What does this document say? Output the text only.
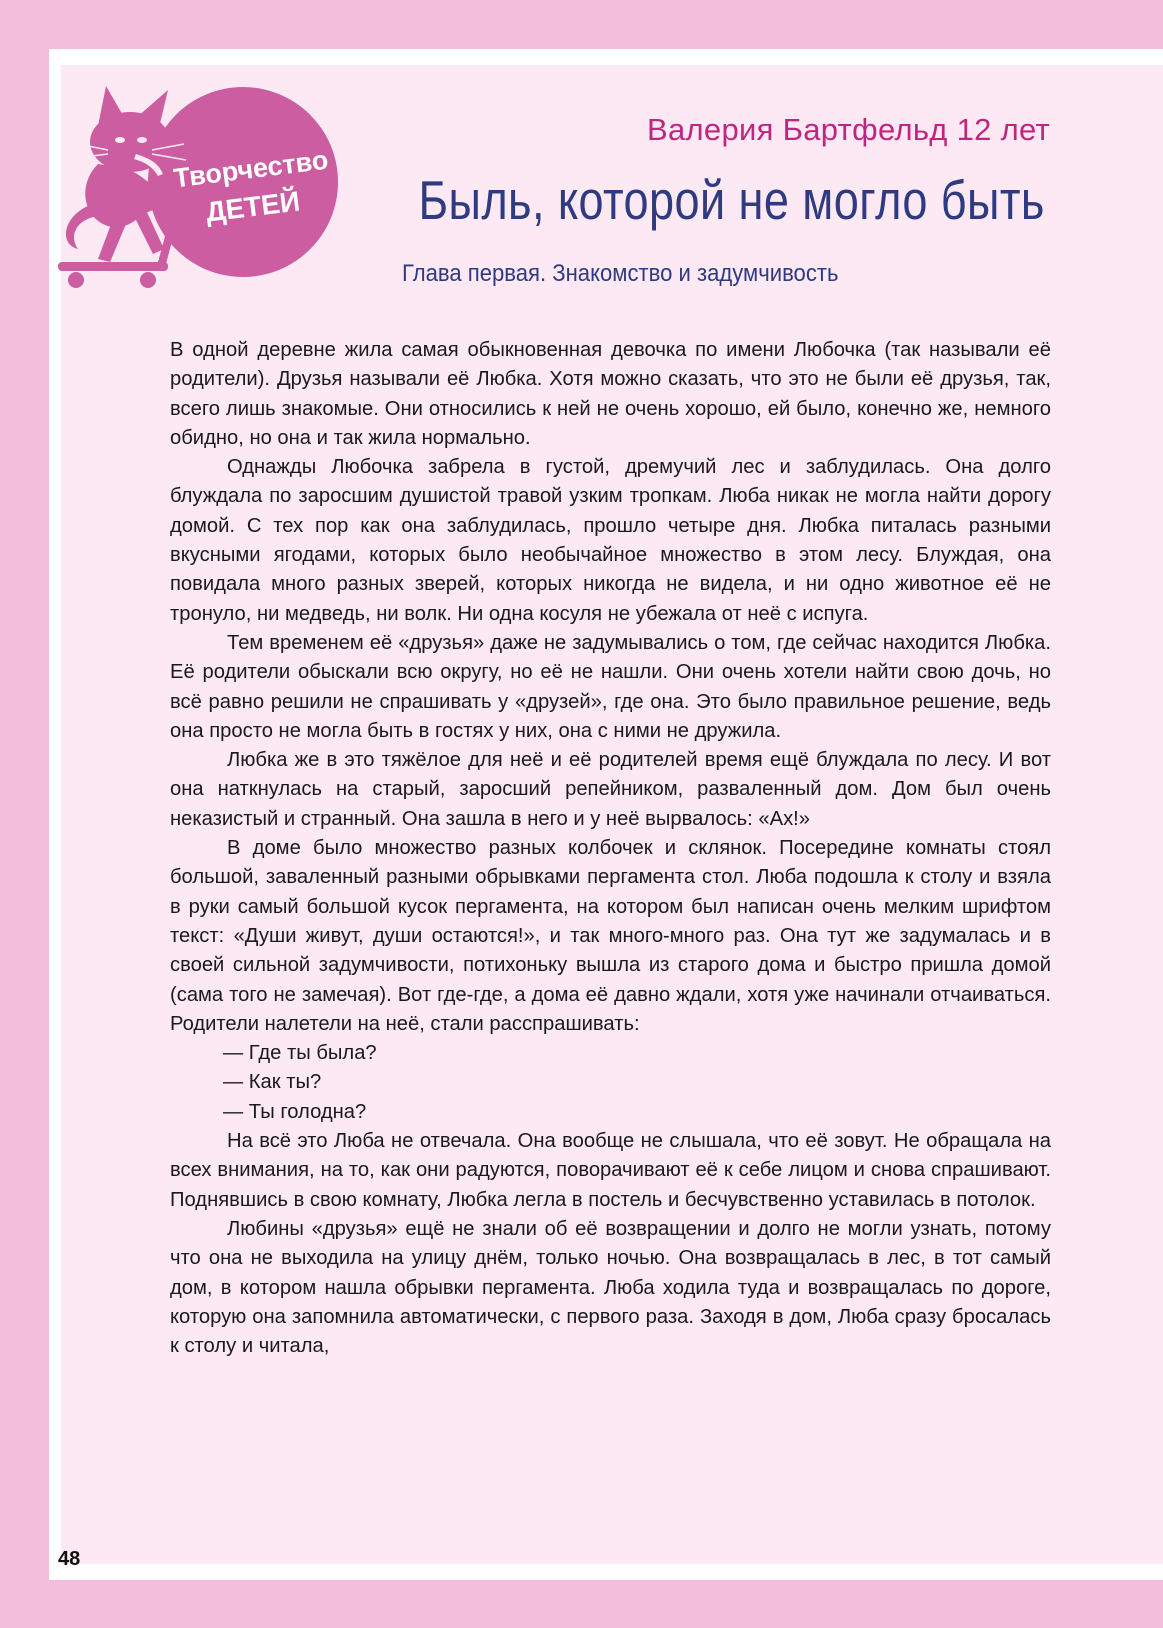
Творчество
ДЕТЕЙ
Валерия Бартфельд 12 лет
Быль, которой не могло быть
Глава первая. Знакомство и задумчивость

В одной деревне жила самая обыкновенная девочка по имени Любочка (так называли её родители). Друзья называли её Любка. Хотя можно сказать, что это не были её друзья, так, всего лишь знакомые. Они относились к ней не очень хорошо, ей было, конечно же, немного обидно, но она и так жила нормально.

Однажды Любочка забрела в густой, дремучий лес и заблудилась. Она долго блуждала по заросшим душистой травой узким тропкам. Люба никак не могла найти дорогу домой. С тех пор как она заблудилась, прошло четыре дня. Любка питалась разными вкусными ягодами, которых было необычайное множество в этом лесу. Блуждая, она повидала много разных зверей, которых никогда не видела, и ни одно животное её не тронуло, ни медведь, ни волк. Ни одна косуля не убежала от неё с испуга.

Тем временем её «друзья» даже не задумывались о том, где сейчас находится Любка. Её родители обыскали всю округу, но её не нашли. Они очень хотели найти свою дочь, но всё равно решили не спрашивать у «друзей», где она. Это было правильное решение, ведь она просто не могла быть в гостях у них, она с ними не дружила.

Любка же в это тяжёлое для неё и её родителей время ещё блуждала по лесу. И вот она наткнулась на старый, заросший репейником, разваленный дом. Дом был очень неказистый и странный. Она зашла в него и у неё вырвалось: «Ах!»

В доме было множество разных колбочек и склянок. Посередине комнаты стоял большой, заваленный разными обрывками пергамента стол. Люба подошла к столу и взяла в руки самый большой кусок пергамента, на котором был написан очень мелким шрифтом текст: «Души живут, души остаются!», и так много-много раз. Она тут же задумалась и в своей сильной задумчивости, потихоньку вышла из старого дома и быстро пришла домой (сама того не замечая). Вот где-где, а дома её давно ждали, хотя уже начинали отчаиваться. Родители налетели на неё, стали расспрашивать:

— Где ты была?

— Как ты?

— Ты голодна?

На всё это Люба не отвечала. Она вообще не слышала, что её зовут. Не обращала на всех внимания, на то, как они радуются, поворачивают её к себе лицом и снова спрашивают. Поднявшись в свою комнату, Любка легла в постель и бесчувственно уставилась в потолок.

Любины «друзья» ещё не знали об её возвращении и долго не могли узнать, потому что она не выходила на улицу днём, только ночью. Она возвращалась в лес, в тот самый дом, в котором нашла обрывки пергамента. Люба ходила туда и возвращалась по дороге, которую она запомнила автоматически, с первого раза. Заходя в дом, Люба сразу бросалась к столу и читала,

48
